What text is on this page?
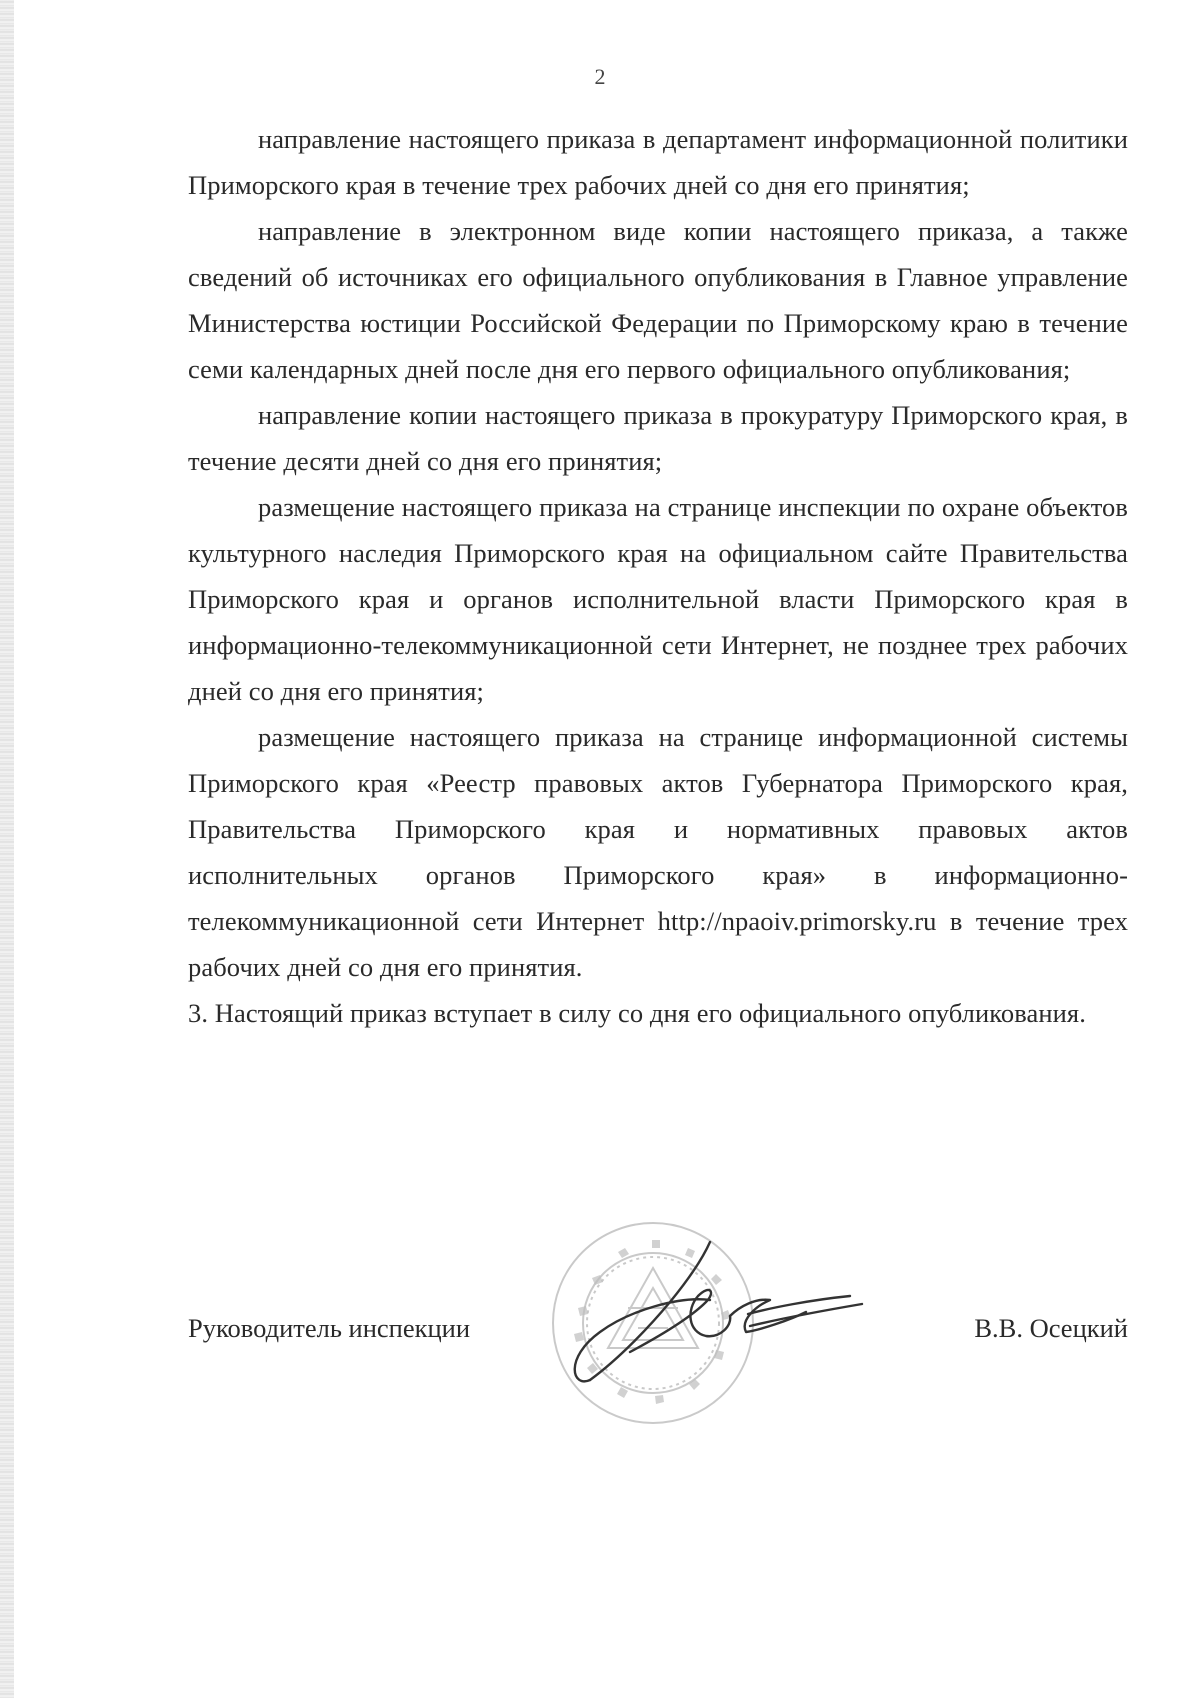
2

направление настоящего приказа в департамент информационной политики Приморского края в течение трех рабочих дней со дня его принятия;

направление в электронном виде копии настоящего приказа, а также сведений об источниках его официального опубликования в Главное управление Министерства юстиции Российской Федерации по Приморскому краю в течение семи календарных дней после дня его первого официального опубликования;

направление копии настоящего приказа в прокуратуру Приморского края, в течение десяти дней со дня его принятия;

размещение настоящего приказа на странице инспекции по охране объектов культурного наследия Приморского края на официальном сайте Правительства Приморского края и органов исполнительной власти Приморского края в информационно-телекоммуникационной сети Интернет, не позднее трех рабочих дней со дня его принятия;

размещение настоящего приказа на странице информационной системы Приморского края «Реестр правовых актов Губернатора Приморского края, Правительства Приморского края и нормативных правовых актов исполнительных органов Приморского края» в информационно-телекоммуникационной сети Интернет http://npaoiv.primorsky.ru в течение трех рабочих дней со дня его принятия.

3. Настоящий приказ вступает в силу со дня его официального опубликования.

Руководитель инспекции	В.В. Осецкий
